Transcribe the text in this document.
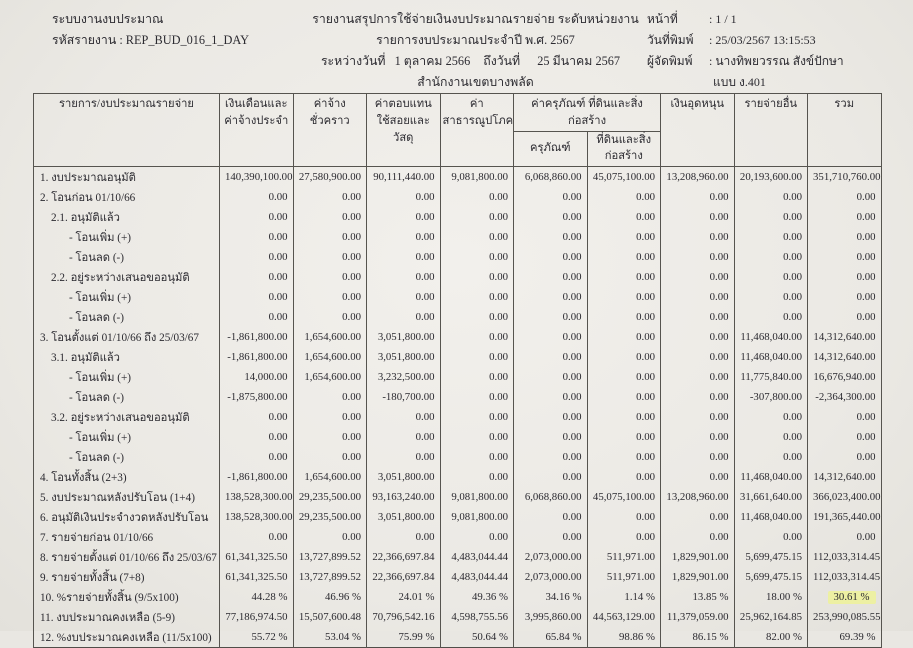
ระบบงานงบประมาณ
รหัสรายงาน : REP_BUD_016_1_DAY
รายงานสรุปการใช้จ่ายเงินงบประมาณรายจ่าย ระดับหน่วยงาน
รายการงบประมาณประจำปี พ.ศ. 2567
ระหว่างวันที่ 1 ตุลาคม 2566 ถึงวันที่ 25 มีนาคม 2567
สำนักงานเขตบางพลัด
หน้าที่	: 1 / 1
วันที่พิมพ์	: 25/03/2567 13:15:53
ผู้จัดพิมพ์	: นางทิพยวรรณ สังข์ปักษา
แบบ ง.401
รายการ/งบประมาณรายจ่าย	เงินเดือนและ
ค่าจ้างประจำ	ค่าจ้างชั่วคราว	ค่าตอบแทน
ใช้สอยและวัสดุ	ค่า
สาธารณูปโภค	ค่าครุภัณฑ์ ที่ดินและสิ่งก่อสร้าง		เงินอุดหนุน	รายจ่ายอื่น	รวม
					ครุภัณฑ์	ที่ดินและสิ่งก่อสร้าง			
1. งบประมาณอนุมัติ	140,390,100.00	27,580,900.00	90,111,440.00	9,081,800.00	6,068,860.00	45,075,100.00	13,208,960.00	20,193,600.00	351,710,760.00
2. โอนก่อน 01/10/66	0.00	0.00	0.00	0.00	0.00	0.00	0.00	0.00	0.00
2.1. อนุมัติแล้ว	0.00	0.00	0.00	0.00	0.00	0.00	0.00	0.00	0.00
- โอนเพิ่ม (+)	0.00	0.00	0.00	0.00	0.00	0.00	0.00	0.00	0.00
- โอนลด (-)	0.00	0.00	0.00	0.00	0.00	0.00	0.00	0.00	0.00
2.2. อยู่ระหว่างเสนอขออนุมัติ	0.00	0.00	0.00	0.00	0.00	0.00	0.00	0.00	0.00
- โอนเพิ่ม (+)	0.00	0.00	0.00	0.00	0.00	0.00	0.00	0.00	0.00
- โอนลด (-)	0.00	0.00	0.00	0.00	0.00	0.00	0.00	0.00	0.00
3. โอนตั้งแต่ 01/10/66 ถึง 25/03/67	-1,861,800.00	1,654,600.00	3,051,800.00	0.00	0.00	0.00	0.00	11,468,040.00	14,312,640.00
3.1. อนุมัติแล้ว	-1,861,800.00	1,654,600.00	3,051,800.00	0.00	0.00	0.00	0.00	11,468,040.00	14,312,640.00
- โอนเพิ่ม (+)	14,000.00	1,654,600.00	3,232,500.00	0.00	0.00	0.00	0.00	11,775,840.00	16,676,940.00
- โอนลด (-)	-1,875,800.00	0.00	-180,700.00	0.00	0.00	0.00	0.00	-307,800.00	-2,364,300.00
3.2. อยู่ระหว่างเสนอขออนุมัติ	0.00	0.00	0.00	0.00	0.00	0.00	0.00	0.00	0.00
- โอนเพิ่ม (+)	0.00	0.00	0.00	0.00	0.00	0.00	0.00	0.00	0.00
- โอนลด (-)	0.00	0.00	0.00	0.00	0.00	0.00	0.00	0.00	0.00
4. โอนทั้งสิ้น (2+3)	-1,861,800.00	1,654,600.00	3,051,800.00	0.00	0.00	0.00	0.00	11,468,040.00	14,312,640.00
5. งบประมาณหลังปรับโอน (1+4)	138,528,300.00	29,235,500.00	93,163,240.00	9,081,800.00	6,068,860.00	45,075,100.00	13,208,960.00	31,661,640.00	366,023,400.00
6. อนุมัติเงินประจำงวดหลังปรับโอน	138,528,300.00	29,235,500.00	3,051,800.00	9,081,800.00	0.00	0.00	0.00	11,468,040.00	191,365,440.00
7. รายจ่ายก่อน 01/10/66	0.00	0.00	0.00	0.00	0.00	0.00	0.00	0.00	0.00
8. รายจ่ายตั้งแต่ 01/10/66 ถึง 25/03/67	61,341,325.50	13,727,899.52	22,366,697.84	4,483,044.44	2,073,000.00	511,971.00	1,829,901.00	5,699,475.15	112,033,314.45
9. รายจ่ายทั้งสิ้น (7+8)	61,341,325.50	13,727,899.52	22,366,697.84	4,483,044.44	2,073,000.00	511,971.00	1,829,901.00	5,699,475.15	112,033,314.45
10. %รายจ่ายทั้งสิ้น (9/5x100)	44.28 %	46.96 %	24.01 %	49.36 %	34.16 %	1.14 %	13.85 %	18.00 %	30.61 %
11. งบประมาณคงเหลือ (5-9)	77,186,974.50	15,507,600.48	70,796,542.16	4,598,755.56	3,995,860.00	44,563,129.00	11,379,059.00	25,962,164.85	253,990,085.55
12. %งบประมาณคงเหลือ (11/5x100)	55.72 %	53.04 %	75.99 %	50.64 %	65.84 %	98.86 %	86.15 %	82.00 %	69.39 %
